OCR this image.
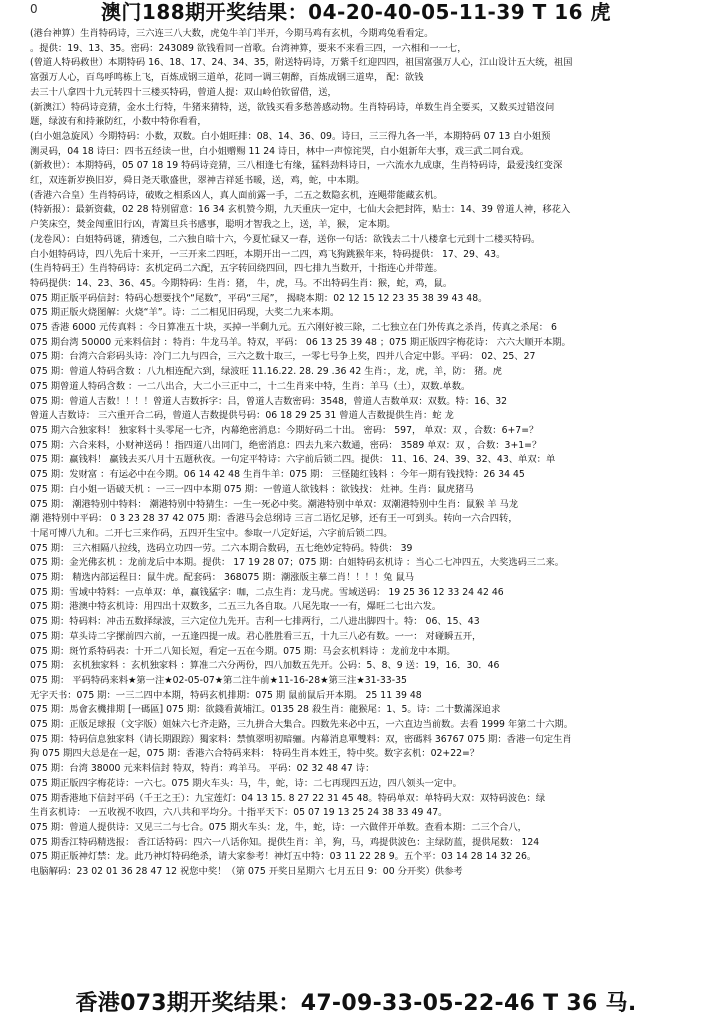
0	澳门188期开奖结果：04-20-40-05-11-39 T 16 虎
(港台神算）生肖特码诗，三六连三八大数，虎兔牛羊门半开，今期马鸡有玄机，今期鸡兔看看定。
。提供：19、13、35。密码：243089 欲钱看同一首歌。台湾神算，要来不来看三四，一六相和一一七，
(曾道人特码救世）本期特码 16、18、17、24、34、35，附送特码诗，万紫千红迎四四，祖国富强万人心，江山设计五大统，祖国
富强万人心，百鸟呼鸣栋上飞，百炼成钢三道单，花同一调三朝醉，百炼成钢三道卑， 配：欲钱
去三十八拿四十九元转四十三楼买特码，曾道人提：双山岭伯钦留借，送，
(新澳江）特码诗竞猜，金水土行特，牛猪来猜特，送，欲钱买看多愁善感动物。生肖特码诗，单数生肖全要买，又数买过错沒问
题，绿波有和持兼防红，小数中特你看看，
(白小姐急旋风）今期特码：小数，双数。白小姐旺排：08、14、36、09。诗曰，三三得九各一半，本期特码 07 13 白小姐预
测灵码，04 18 诗曰：四书五经读一世，白小姐赠赐 11 24 诗日，林中一声惊诧哭，白小姐新年大事，戏三武二同台戏。
(新救世）：本期特码，05 07 18 19 特码诗竞猜，三八相逢七有缘，猛料劲料诗日，一六流水九成康，生肖特码诗，最爱浅红变深
红，双连新岁换旧岁，舜日尧天歌盛世，翠神吉祥延书暖，送，鸡，蛇，中本期。
(香港六合皇）生肖特码诗，破败之相系凶人，真人面前露一手，二五之数隐玄机，连飓带能藏玄机。
(特新报）：最新资截，02 28 特别留意：16 34 玄机赞今期，九天重庆一定中，七仙大会把封阵，贴士：14、39 曾道人神，移花入
户笑床空，焚金闯重旧行凶，青篱旦兵书感事，聪明才智我之上，送，羊，猴， 定本期。
(龙卷风）：白姐特码谜，猜透包，二六独自暗十六，今夏忙碌又一春，送你一句话：欲钱去二十八楼拿七元到十二楼买特码。
白小姐特码诗，四八先后十来开，一三开来二四旺，本期开出一二四，鸡飞狗跳猴年来，特码提供： 17、29、43。
(生肖特码王）生肖特码诗：玄机定码二六配，五字转回绕四回，四七排九当数开，十指连心并带莲。
特码提供：14、23、36、45。今期特码：生肖：猪， 牛，虎，马。不出特码生肖：猴，蛇，鸡，鼠。
075 期正版平码信封：特码心想要找个“尾数”，平码“三尾”， 揭晓本期：02 12 15 12 23 35 38 39 43 48。
075 期正版火烧图解：火烧“羊”。诗：二二相见旧码现，大奖二九来本期。
075 香港 6000 元传真料 ：今日算准五十块，买掉一半剩九元。五六刚好被三除，二七独立在门外传真之杀肖，传真之杀尾： 6
075 期台湾 50000 元来料信封 ：特肖：牛龙马羊。特双，平码： 06 13 25 39 48 ；075 期正版四字梅花诗： 六六大顺开本期。
075 期：台湾六合彩码头诗：冷门二九与四合，三六之数十取三，一零七号争上奖，四并八合定中影。平码： 02、25、27
075 期：曾道人特码含数 ：八九相连配六到，绿波旺 11.16.22. 28. 29 .36 42 生肖：，龙，虎，羊，防： 猪。虎
075 期曾道人特码含数 ：一二八出合，大二小三正中二，十二生肖来中特，生肖：羊马（土），双数.单数。
075 期：曾道人吉数！！！！曾道人吉数拆字：吕，曾道人吉数密码：3548，曾道人吉数单双：双数。特：16、32
曾道人吉数诗： 三六重开合二码，曾道人吉数提供号码：06 18 29 25 31 曾道人吉数提供生肖：蛇 龙
075 期六合独家料！ 独家料十头零尾一七齐，内幕绝密消息：今期好码二十出。 密码： 597， 单双：双 ，合数：6+7=？
075 期：六合来料，小财神送码 ！指四道八出同门，绝密消息：四去九来六数通，密码： 3589 单双：双 ，合数：3+1=？
075 期：赢钱料！ 赢钱去买八月十五题秋夜。一句定平特诗：六字前后锁二四。提供： 11、16、24、39、32、43、单双：单
075 期：发财富 ：有运必中在今期。06 14 42 48 生肖牛羊：075 期： 三怪随红钱料 ：今年一期有钱找特：26 34 45
075 期：白小姐一语破天机 ：一三一四中本期 075 期：一曾道人欲钱料 ：欲钱找： 灶神。生肖：鼠虎猪马
075 期： 潮港特别中特料： 潮港特别中特猜生：一生一死必中奖。潮港特别中单双：双潮港特别中生肖：鼠猴 羊 马龙
潮 港特别中平码： 0 3 23 28 37 42 075 期：香港马会总纲诗 三言二语忆足够，还有王一可到头。转向一六合四转，
十尾可博八九和。二开七三来作码，五四开生宝中。参取一八定好运，六字前后锁二四。
075 期： 三六相隔八拉线，选码立功四一劳。二六本期合数码，五七绝妙定特码。特供： 39
075 期：金光佛玄机 ：龙前龙后中本期。提供： 17 19 28 07；075 期：白姐特码玄机诗 ：当心二七冲四五，大奖选码三二来。
075 期： 精选内部运程日：鼠牛虎。配套码： 368075 期：潮涨版主摹二肖！！！！兔 鼠马
075 期：雪域中特料：一点单双：单，赢钱猛字：咖，二点生肖：龙马虎。雪域送码： 19 25 36 12 33 24 42 46
075 期：港澳中特玄机诗：用四出十双数多，二五三九各自取。八尾先取一一有，爆旺二七出六发。
075 期：特码料：冲击五数择绿波，三六定位九先开。吉利一七排两行，二八进出脚四十。特： 06、15、43
075 期：草头诗二字摞前四六前，一五逢四提一成。君心胜胜看三五，十九三八必有数。一一： 对碰瞬五开，
075 期：斑竹系特码表：十开二八知长短，看定一五在今期。075 期：马会玄机料诗 ：龙前龙中本期。
075 期： 玄机独家料 ：玄机独家料 ：算准二六分两份，四八加数五先开。公码：5、8、9 送：19，16．30．46
075 期： 平码特码来料★第一注★02-05-07★第二注牛前★11-16-28★第三注★31-33-35
无字天书：075 期：一三二四中本期，特码玄机排期：075 期 鼠前鼠后开本期。 25 11 39 48
075 期：馬會玄機排期 [一碼區] 075 期：欲錢看黃埔江。0135 28 殺生肖：龍猴尾：1、5。诗：二十數滿深追求
075 期：正版足球报（文字版）姐妹六七齐走路，三九拼合大集合。四数先来必中五，一六直边当前数。去看 1999 年第二十六期。
075 期：特码信息独家料（请长期跟踪）獨家料：禁慎翠明初暗骊。内幕消息單雙料：双，密碼料 36767 075 期：香港一句定生肖
狗 075 期四大总是在一起，075 期：香港六合特码来料： 特码生肖本姓王，特中奖。数字玄机：02+22=？
075 期：台湾 38000 元来料信封 特双，特肖：鸡羊马。 平码：02 32 48 47 诗：
075 期正版四字梅花诗：一六七。075 期火车头：马，牛，蛇，诗：二七再现四五边，四八领头一定中。
075 期香港地下信封平码（千王之王）：九宝莲灯：04 13 15. 8 27 22 31 45 48。特码单双：单特码大双：双特码波色：绿
生肖玄机诗： 一五收视不收四，六八共和平均分。十指平天下：05 07 19 13 25 24 38 33 49 47。
075 期：曾道人提供诗：又见三二与七合。075 期火车头：龙，牛，蛇，诗：一六做伴开单数。查看本期：二三个合八，
075 期香江特码精选报： 香江话特码：四六一八话你知。提供生肖：羊，狗，马，鸡提供波色：主绿防蓝，提供尾数： 124
075 期正版神灯禁：龙。此乃神灯特码绝杀，请大家参考！神灯五中特：03 11 22 28 9。五个平：03 14 28 14 32 26。
电脑解码：23 02 01 36 28 47 12 祝您中奖！（第 075 开奖日星期六 七月五日 9：00 分开奖）供参考
香港073期开奖结果：47-09-33-05-22-46 T 36 马.
